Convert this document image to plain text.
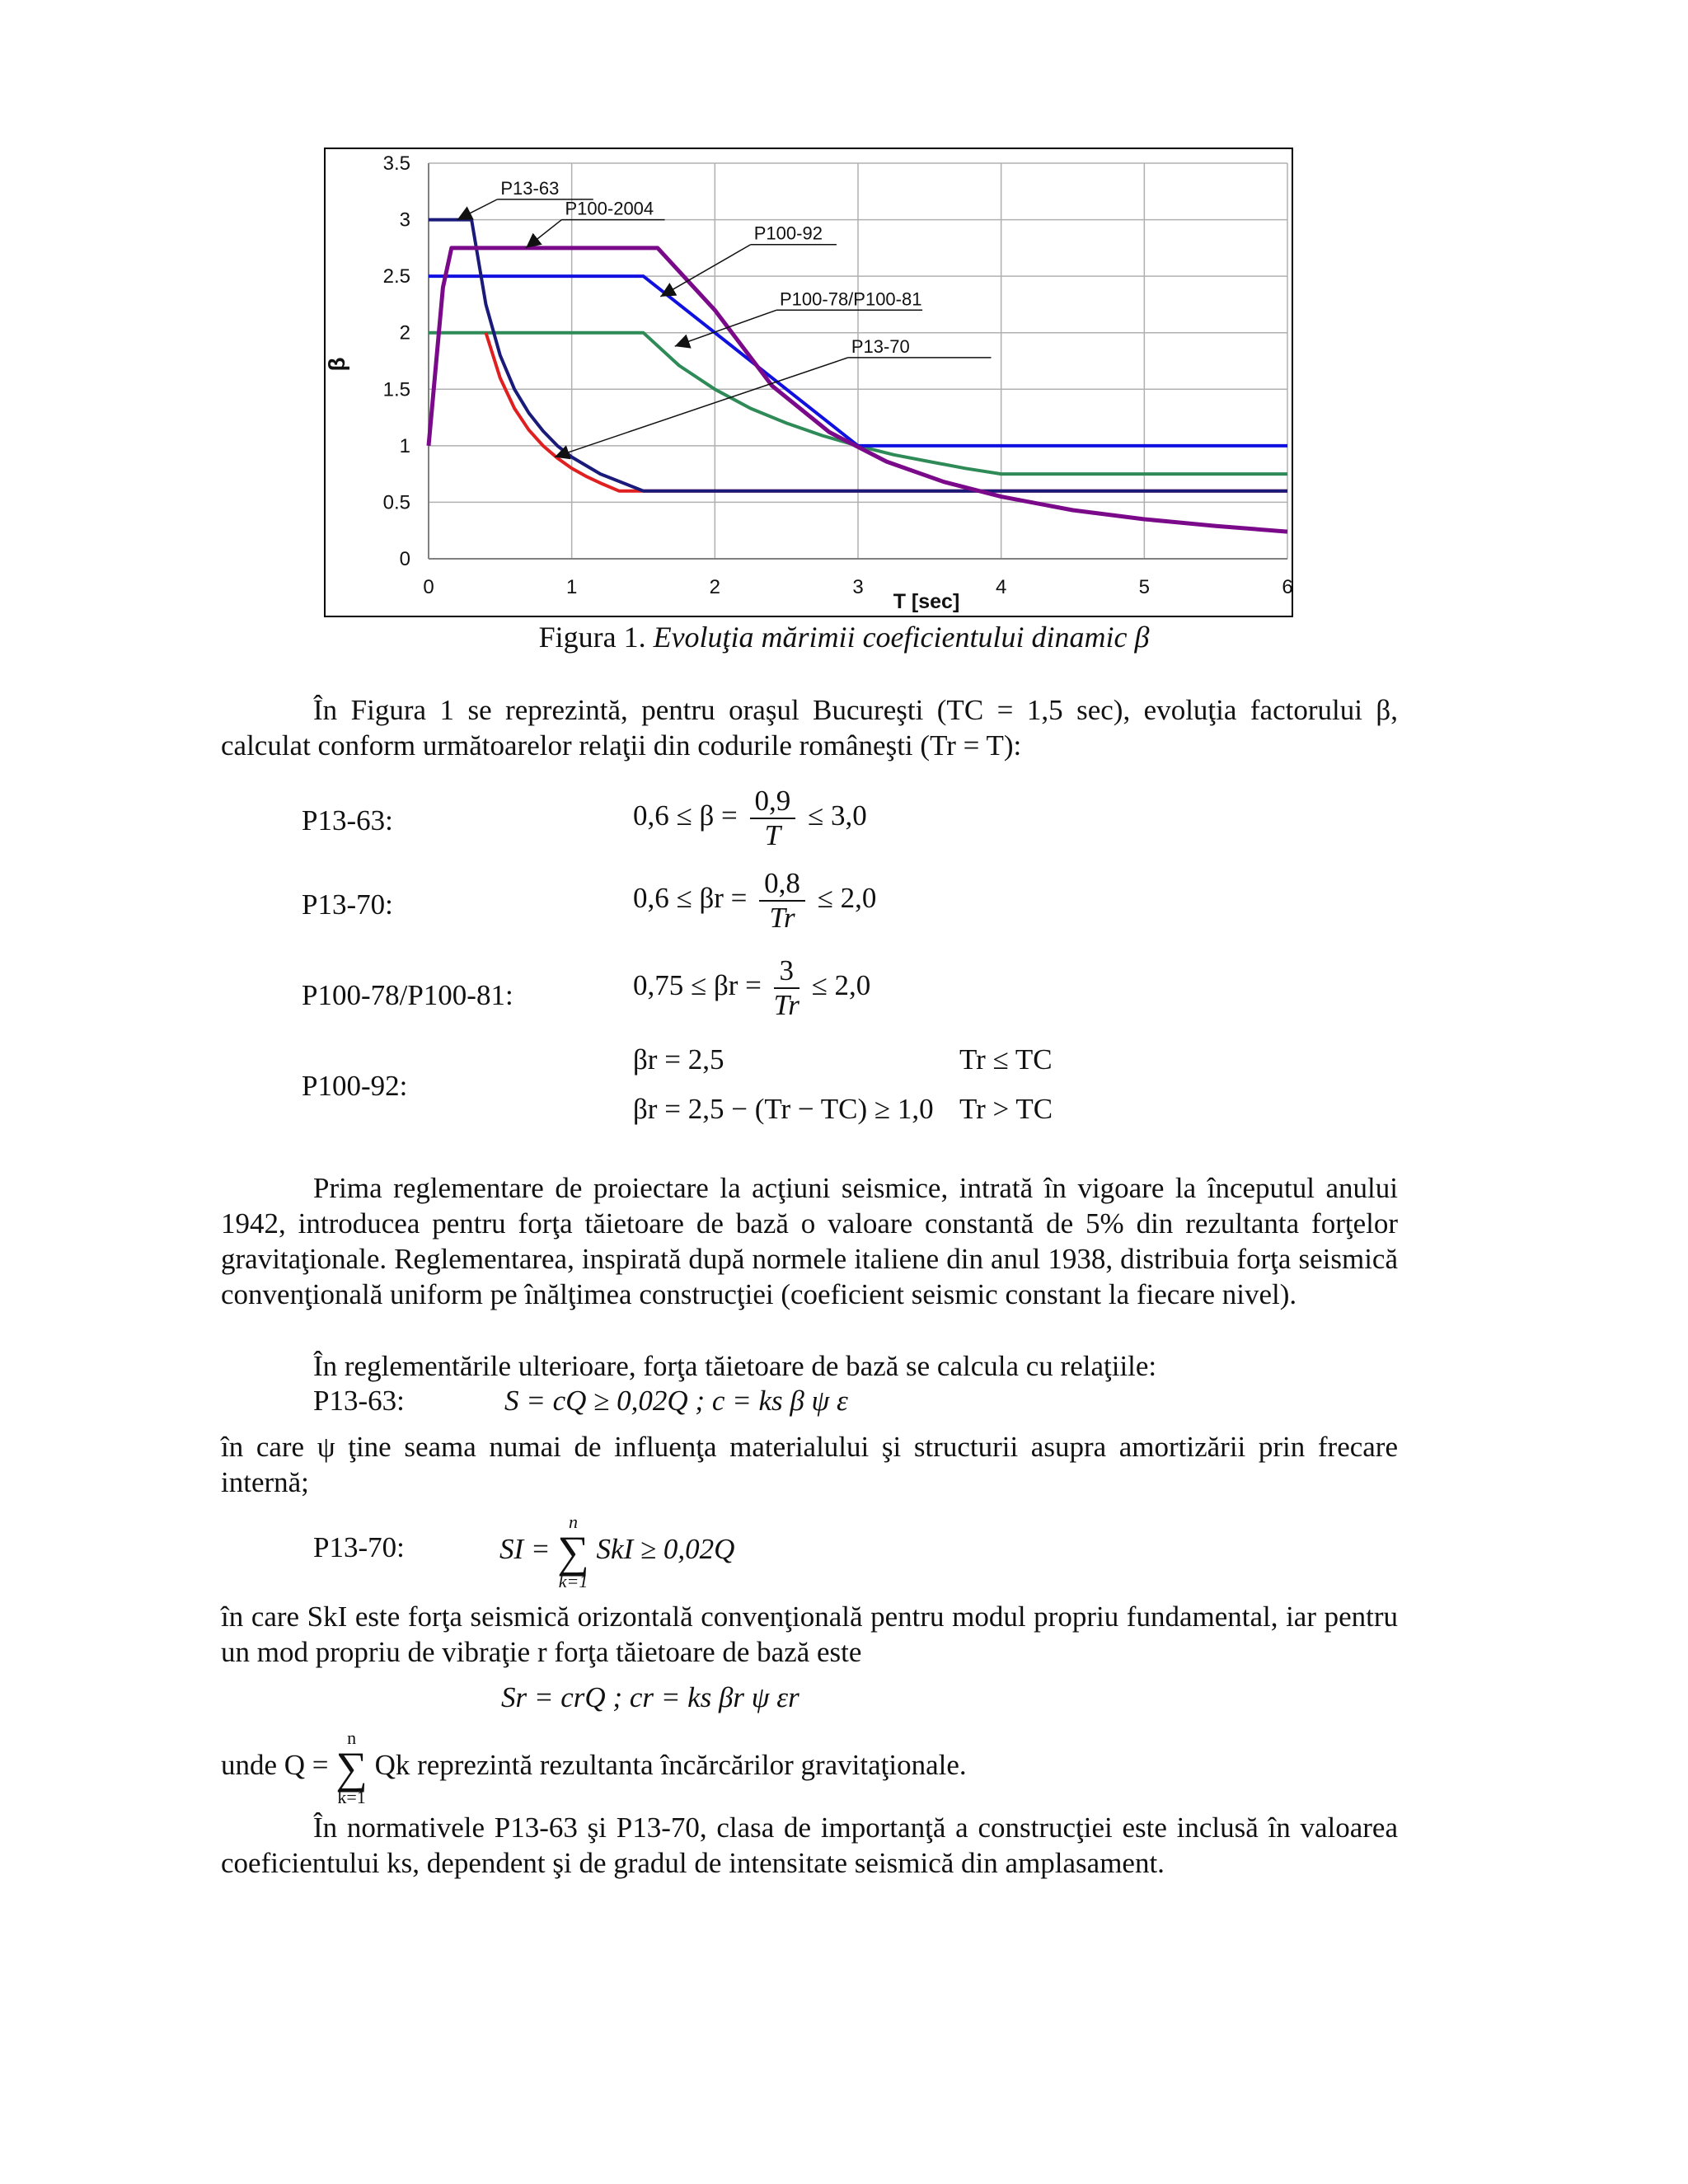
0
0.5
1
1.5
2
2.5
3
3.5
0	1	2	3	4	5	6
T [sec]
β
P13-63
P100-2004
P100-92
P100-78/P100-81
P13-70
Figura 1. Evoluţia mărimii coeficientului dinamic β
În Figura 1 se reprezintă, pentru oraşul Bucureşti (TC = 1,5 sec), evoluţia factorului β, calculat conform următoarelor relaţii din codurile româneşti (Tr = T):
P13-63:	$0,6 \le \beta = \frac{0,9}{T} \le 3,0$
P13-70:	$0,6 \le \beta r = \frac{0,8}{Tr} \le 2,0$
P100-78/P100-81:	$0,75 \le \beta r = \frac{3}{Tr} \le 2,0$
P100-92:
βr = 2,5	Tr ≤ TC
βr = 2,5 − (Tr − TC) ≥ 1,0 Tr > TC
Prima reglementare de proiectare la acţiuni seismice, intrată în vigoare la începutul anului 1942, introducea pentru forţa tăietoare de bază o valoare constantă de 5% din rezultanta forţelor gravitaţionale. Reglementarea, inspirată după normele italiene din anul 1938, distribuia forţa seismică convenţională uniform pe înălţimea construcţiei (coeficient seismic constant la fiecare nivel).
În reglementările ulterioare, forţa tăietoare de bază se calcula cu relaţiile:
P13-63:	S = cQ ≥ 0,02Q ; c = ks β ψ ε
în care ψ ţine seama numai de influenţa materialului şi structurii asupra amortizării prin frecare internă;
P13-70:	SI =
n
∑
k=1
SkI ≥ 0,02Q
în care SkI este forţa seismică orizontală convenţională pentru modul propriu fundamental, iar pentru un mod propriu de vibraţie r forţa tăietoare de bază este
Sr = crQ ; cr = ks βr ψ εr
unde Q =
n
∑
k=1
Qk reprezintă rezultanta încărcărilor gravitaţionale.
În normativele P13-63 şi P13-70, clasa de importanţă a construcţiei este inclusă în valoarea coeficientului ks, dependent şi de gradul de intensitate seismică din amplasament.
